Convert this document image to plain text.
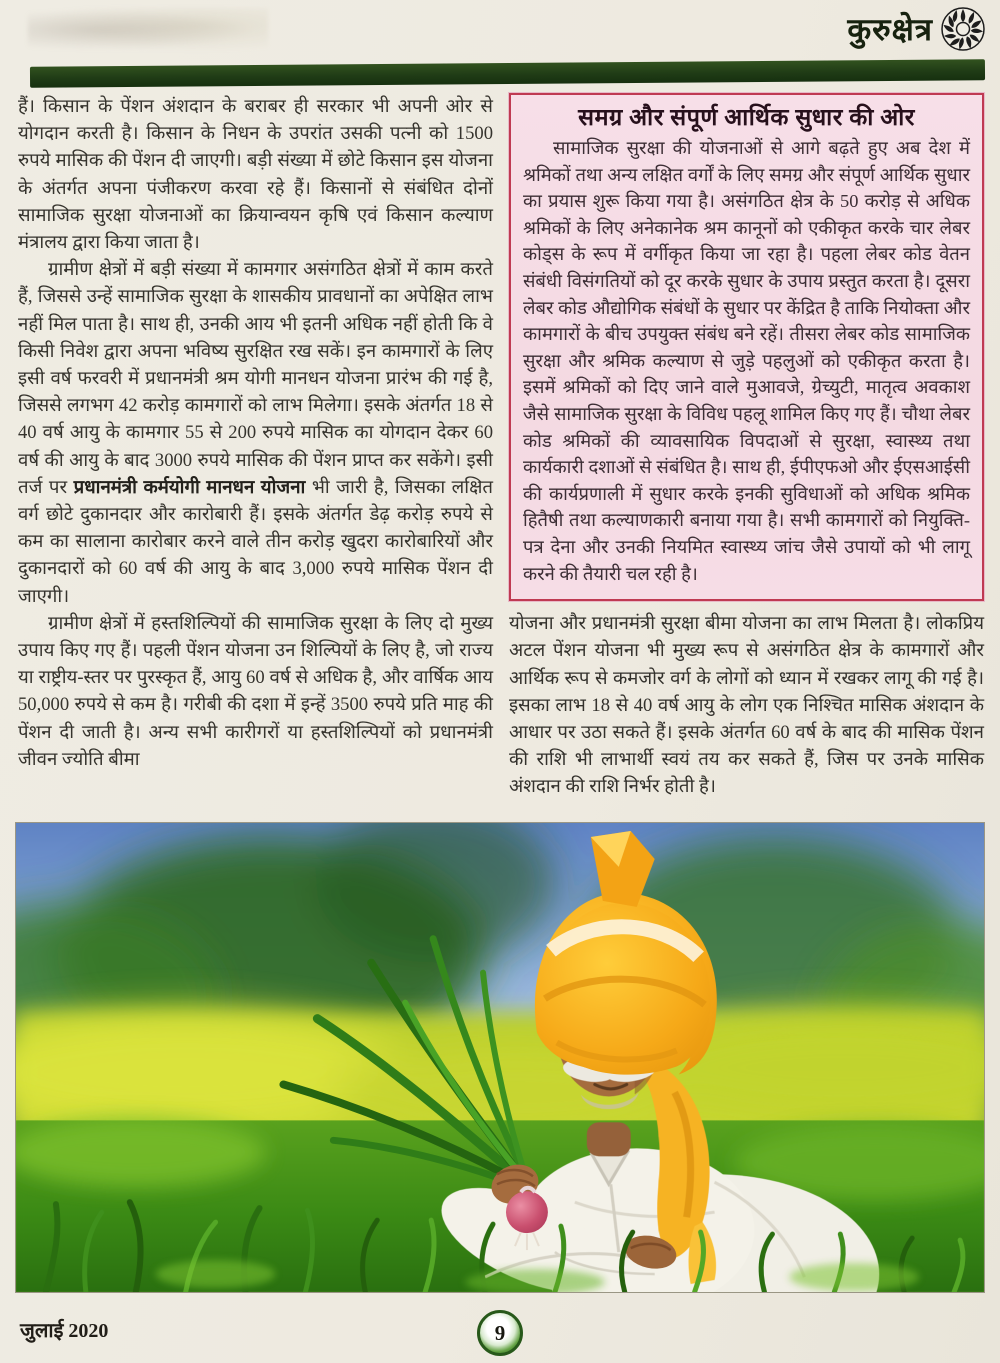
कुरुक्षेत्र

हैं। किसान के पेंशन अंशदान के बराबर ही सरकार भी अपनी ओर से योगदान करती है। किसान के निधन के उपरांत उसकी पत्नी को 1500 रुपये मासिक की पेंशन दी जाएगी। बड़ी संख्या में छोटे किसान इस योजना के अंतर्गत अपना पंजीकरण करवा रहे हैं। किसानों से संबंधित दोनों सामाजिक सुरक्षा योजनाओं का क्रियान्वयन कृषि एवं किसान कल्याण मंत्रालय द्वारा किया जाता है।

ग्रामीण क्षेत्रों में बड़ी संख्या में कामगार असंगठित क्षेत्रों में काम करते हैं, जिससे उन्हें सामाजिक सुरक्षा के शासकीय प्रावधानों का अपेक्षित लाभ नहीं मिल पाता है। साथ ही, उनकी आय भी इतनी अधिक नहीं होती कि वे किसी निवेश द्वारा अपना भविष्य सुरक्षित रख सकें। इन कामगारों के लिए इसी वर्ष फरवरी में प्रधानमंत्री श्रम योगी मानधन योजना प्रारंभ की गई है, जिससे लगभग 42 करोड़ कामगारों को लाभ मिलेगा। इसके अंतर्गत 18 से 40 वर्ष आयु के कामगार 55 से 200 रुपये मासिक का योगदान देकर 60 वर्ष की आयु के बाद 3000 रुपये मासिक की पेंशन प्राप्त कर सकेंगे। इसी तर्ज पर प्रधानमंत्री कर्मयोगी मानधन योजना भी जारी है, जिसका लक्षित वर्ग छोटे दुकानदार और कारोबारी हैं। इसके अंतर्गत डेढ़ करोड़ रुपये से कम का सालाना कारोबार करने वाले तीन करोड़ खुदरा कारोबारियों और दुकानदारों को 60 वर्ष की आयु के बाद 3,000 रुपये मासिक पेंशन दी जाएगी।

ग्रामीण क्षेत्रों में हस्तशिल्पियों की सामाजिक सुरक्षा के लिए दो मुख्य उपाय किए गए हैं। पहली पेंशन योजना उन शिल्पियों के लिए है, जो राज्य या राष्ट्रीय-स्तर पर पुरस्कृत हैं, आयु 60 वर्ष से अधिक है, और वार्षिक आय 50,000 रुपये से कम है। गरीबी की दशा में इन्हें 3500 रुपये प्रति माह की पेंशन दी जाती है। अन्य सभी कारीगरों या हस्तशिल्पियों को प्रधानमंत्री जीवन ज्योति बीमा

समग्र और संपूर्ण आर्थिक सुधार की ओर
सामाजिक सुरक्षा की योजनाओं से आगे बढ़ते हुए अब देश में श्रमिकों तथा अन्य लक्षित वर्गों के लिए समग्र और संपूर्ण आर्थिक सुधार का प्रयास शुरू किया गया है। असंगठित क्षेत्र के 50 करोड़ से अधिक श्रमिकों के लिए अनेकानेक श्रम कानूनों को एकीकृत करके चार लेबर कोड्स के रूप में वर्गीकृत किया जा रहा है। पहला लेबर कोड वेतन संबंधी विसंगतियों को दूर करके सुधार के उपाय प्रस्तुत करता है। दूसरा लेबर कोड औद्योगिक संबंधों के सुधार पर केंद्रित है ताकि नियोक्ता और कामगारों के बीच उपयुक्त संबंध बने रहें। तीसरा लेबर कोड सामाजिक सुरक्षा और श्रमिक कल्याण से जुड़े पहलुओं को एकीकृत करता है। इसमें श्रमिकों को दिए जाने वाले मुआवजे, ग्रेच्युटी, मातृत्व अवकाश जैसे सामाजिक सुरक्षा के विविध पहलू शामिल किए गए हैं। चौथा लेबर कोड श्रमिकों की व्यावसायिक विपदाओं से सुरक्षा, स्वास्थ्य तथा कार्यकारी दशाओं से संबंधित है। साथ ही, ईपीएफओ और ईएसआईसी की कार्यप्रणाली में सुधार करके इनकी सुविधाओं को अधिक श्रमिक हितैषी तथा कल्याणकारी बनाया गया है। सभी कामगारों को नियुक्ति-पत्र देना और उनकी नियमित स्वास्थ्य जांच जैसे उपायों को भी लागू करने की तैयारी चल रही है।

योजना और प्रधानमंत्री सुरक्षा बीमा योजना का लाभ मिलता है। लोकप्रिय अटल पेंशन योजना भी मुख्य रूप से असंगठित क्षेत्र के कामगारों और आर्थिक रूप से कमजोर वर्ग के लोगों को ध्यान में रखकर लागू की गई है। इसका लाभ 18 से 40 वर्ष आयु के लोग एक निश्चित मासिक अंशदान के आधार पर उठा सकते हैं। इसके अंतर्गत 60 वर्ष के बाद की मासिक पेंशन की राशि भी लाभार्थी स्वयं तय कर सकते हैं, जिस पर उनके मासिक अंशदान की राशि निर्भर होती है।

जुलाई 2020	9
